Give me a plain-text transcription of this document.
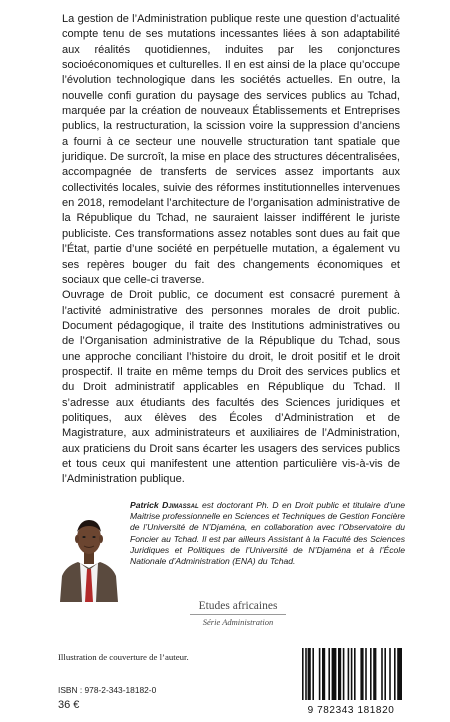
La gestion de l’Administration publique reste une question d’actualité compte tenu de ses mutations incessantes liées à son adaptabilité aux réalités quotidiennes, induites par les conjonctures socioéconomiques et culturelles. Il en est ainsi de la place qu’occupe l’évolution technologique dans les sociétés actuelles. En outre, la nouvelle confi guration du paysage des services publics au Tchad, marquée par la création de nouveaux Établissements et Entreprises publics, la restructuration, la scission voire la suppression d’anciens a fourni à ce secteur une nouvelle structuration tant spatiale que juridique. De surcroît, la mise en place des structures décentralisées, accompagnée de transferts de services assez importants aux collectivités locales, suivie des réformes institutionnelles intervenues en 2018, remodelant l’architecture de l’organisation administrative de la République du Tchad, ne sauraient laisser indifférent le juriste publiciste. Ces transformations assez notables sont dues au fait que l’État, partie d’une société en perpétuelle mutation, a également vu ses repères bouger du fait des changements économiques et sociaux que celle-ci traverse.

Ouvrage de Droit public, ce document est consacré purement à l’activité administrative des personnes morales de droit public. Document pédagogique, il traite des Institutions administratives ou de l’Organisation administrative de la République du Tchad, sous une approche conciliant l’histoire du droit, le droit positif et le droit prospectif. Il traite en même temps du Droit des services publics et du Droit administratif applicables en République du Tchad. Il s’adresse aux étudiants des facultés des Sciences juridiques et politiques, aux élèves des Écoles d’Administration et de Magistrature, aux administrateurs et auxiliaires de l’Administration, aux praticiens du Droit sans écarter les usagers des services publics et tous ceux qui manifestent une attention particulière vis-à-vis de l’Administration publique.

Patrick Djimassal est doctorant Ph. D en Droit public et titulaire d’une Maitrise professionnelle en Sciences et Techniques de Gestion Foncière de l’Université de N’Djaména, en collaboration avec l’Observatoire du Foncier au Tchad. Il est par ailleurs Assistant à la Faculté des Sciences Juridiques et Politiques de l’Université de N’Djaména et à l’École Nationale d’Administration (ENA) du Tchad.
Etudes africaines
Série Administration
Illustration de couverture de l’auteur.
ISBN : 978-2-343-18182-0
36 €	9 782343 181820
